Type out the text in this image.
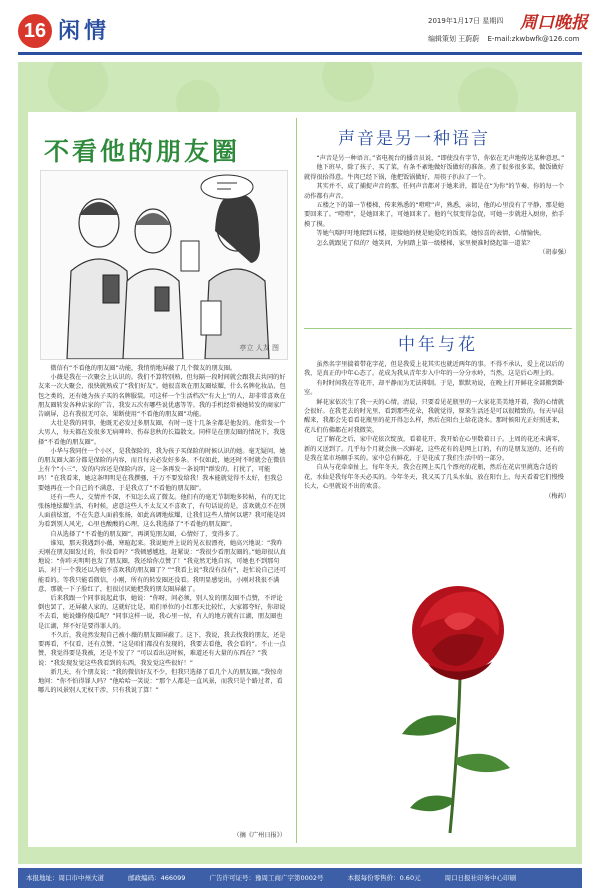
16 闲情	2019年1月17日 星期四
编辑策划 王蔚蔚 E-mail:zkwbwfk@126.com
周口晚报
不看他的朋友圈
亭立 人友 图

微信有“不看他的朋友圈”功能，我悄悄地屏蔽了几个微友的朋友圈。

小薇是我在一次聚会上认识的。我们不算特别熟，但每隔一段时间就会跟我去共同的好友来一次大聚会，很快就熟成了“我们好友”。她很喜欢在朋友圈炫耀，什么名牌化妆品、包包之类的，还有她为孩子买的名牌服装。可这样一个生活档次“有大上”的人，却非常喜欢在朋友圈转发各种店家的广告，我发五次有哪些说优惠等等。我的手机经常被她转发的商家广告刷屏，总有我很无可奈，果断使用“不看他的朋友圈”功能。

大壮是我的同事，他既无必发过多朋友圈，有时一连十几条全都是他发的。他常发一个大男人，每天都在发很多无病呻吟、伤春悲秋的长篇散文。同样是在朋友圈的情况下，我选择“不看他的朋友圈”。

小华与我同住一个小区，是我保险的，我为孩子买保险的时候认识的她。毫无疑问，她的朋友圈大部分都是保险的内容，而且每天必发好多条。不仅如此，她还时不时就会在微信上有个“小三”，发的内容还是保险内容，这一条再发一条说明“群发的，打扰了，可能吗！”在我看来，她这条明明是在我撰骚，千万不要发给我！我本能就觉得不太好，但我总要她再在一个自己的不满意，于是我点了“不看他的朋友圈”。

还有一些人，交情并不深，不知怎么成了微友。他们有的毫无节制地多转帖，有的无比张扬地炫耀生活，有时候，虑意这些人不太友又不喜欢了，有句话说的是，喜欢就点不在别人面前炫富，不在失意人面前张扬，如此高调地炫耀，让我们这些人情何以堪？我可能是因为看到别人风光，心里也酸酸的心理，这么我选择了“不看他的朋友圈”。

自从选择了“不看他的朋友圈”，再浏览朋友圈，心情好了，变得多了。

谁知，那天我遇到小薇，寒暄起来。我说她并上说的见衣很漂亮，她高兴地说：“我昨天刚在朋友圈发过的，你没看吗？”我顿感尴尬，赶紧说：“我很少看朋友圈的。”她却很认真地说：“你昨天明明也发了朋友圈，我还给你点赞了！”我竟然无地自容，可她也不到那句话，对于一个我还以为她不喜欢我的朋友圈了？”“我看上说”我没有没有”，赶忙说自己还可能看的。等我只能看微信，小刚，所有的转发圈还没看。我明显感觉出，小刚对我很不满意，那就一下子脸红了，但很讨厌她把我的朋友圈屏蔽了。

后来我跟一个同事说起此事，她说：“你呀，问必须，别人发的朋友圈不点赞，不评论倒也罢了，还屏蔽人家的，这就好比是，咱们单位的小红那天比较忙，大家都夸好，你却说不去看，她说嫌你傻瓜呢？”同事这样一说，我心里一惊，有人的地方就有江湖，朋友圈也是江湖，拜不好是要得罪人的。

不久后，我竟然发现自己被小薇的朋友圈屏蔽了。这下，我说，我去找我的朋友，还是要再看，不仅看，还有点赞、“这是咱们都没有发现的，我要去看他，我会看的”。不止一点赞，我觉得要是我被，还是不发了？”可以看出这时候，难道还有大量的东西在？”我说：“我发现发觉这些我看到的东西，我发觉这些很好！”

新几天，有个朋友说：“我的微信好友不少，但我只选择了看几个人的朋友圈。”我惊奇地问：“你不怕得罪人吗？”他哈哈一笑说：“那个人都是一直风景，而我只是个路过者，看哪儿的风景别人无权干涉，只有我说了算！”

（摘《广州日报》）
声音是另一种语言

“声音是另一种语言。”省电视台的播音员说，“即使没有字节，你依在无声地传达某种意思。”

他下班早，除了孩子，买了菜，有条不紊地做好饭做好的准备。煮了很多很多菜，做饭做好就得很拾得意。牛肉已经下锅，他把饭锅做好，用筷子扒拉了一个。

其实并不，成了捕捉声音的那，任何声音都对于她来讲，都是在“为你”的节奏，你的每一个动作都有声音。

五楼之下的第一节楼梯，传来熟悉的“噔噔”声，熟悉，亲切，他的心里没有了平静，那是她要回来了。“噔噔”，是她回来了，可她回来了。他的气氛变得急促，可她一步就进入厨房，抬手摸了摸。

等她气喘吁吁地爬到五楼，迎接她的便是她爱吃的饭菜，她惊喜的表情，心情愉快。

怎么就跟见了似的？她笑问，为何踏上第一级楼梯，家里便准时烧起第一道菜？

（胡泰强）
中年与花

虽然名字里揣着带花字花，但是我爱上花其实也就近两年的事。不得不承认，爱上花以后的我，是真正的中年心态了。花成为我从青年步入中年的一分分水岭，当然，这是后心理上的。

有时时间我在等花开，却平静而为无法抑制。于是，默默劝说，在晚上打开鲜花全部搬到卧室。

鲜花家依次生了我一天的心情。清晨，只要看见花瓶里的一大家花美美地开着，我的心情就会很好。在我老去的时光里，看到那些花朵，我就觉得，原来生活还是可以很精致的。每天早晨醒来，我都会先看看花瓶里的花开得怎么样，然后在阳台上给花浇水。那时候阳光正好照进来，花儿们仿佛都在对我微笑。

记了解花之后，家中花依次绽放，看着花开，我开始在心里数着日子。上周的花还未满零，新的又送到了。几乎每个月就会换一次鲜花，这些花有的是网上订的，有的是朋友送的，还有的是我在菜市场顺手买的。家中总有鲜花，于是花成了我们生活中的一部分。

自从与花牵牵扯上，每年冬天，我会在网上买几个漂亮的花瓶，然后在花店里挑选合适的花，水仙是我每年冬天必买的。今年冬天，我又买了几头水仙，放在阳台上，每天看着它们慢慢长大，心里就说不出的欢喜。

（梅药）
本报地址：周口市中州大道	邮政编码：466099	广告许可证号：豫周工商广字第0002号	本报每份零售价：0.60元	周口日报社印务中心印刷
